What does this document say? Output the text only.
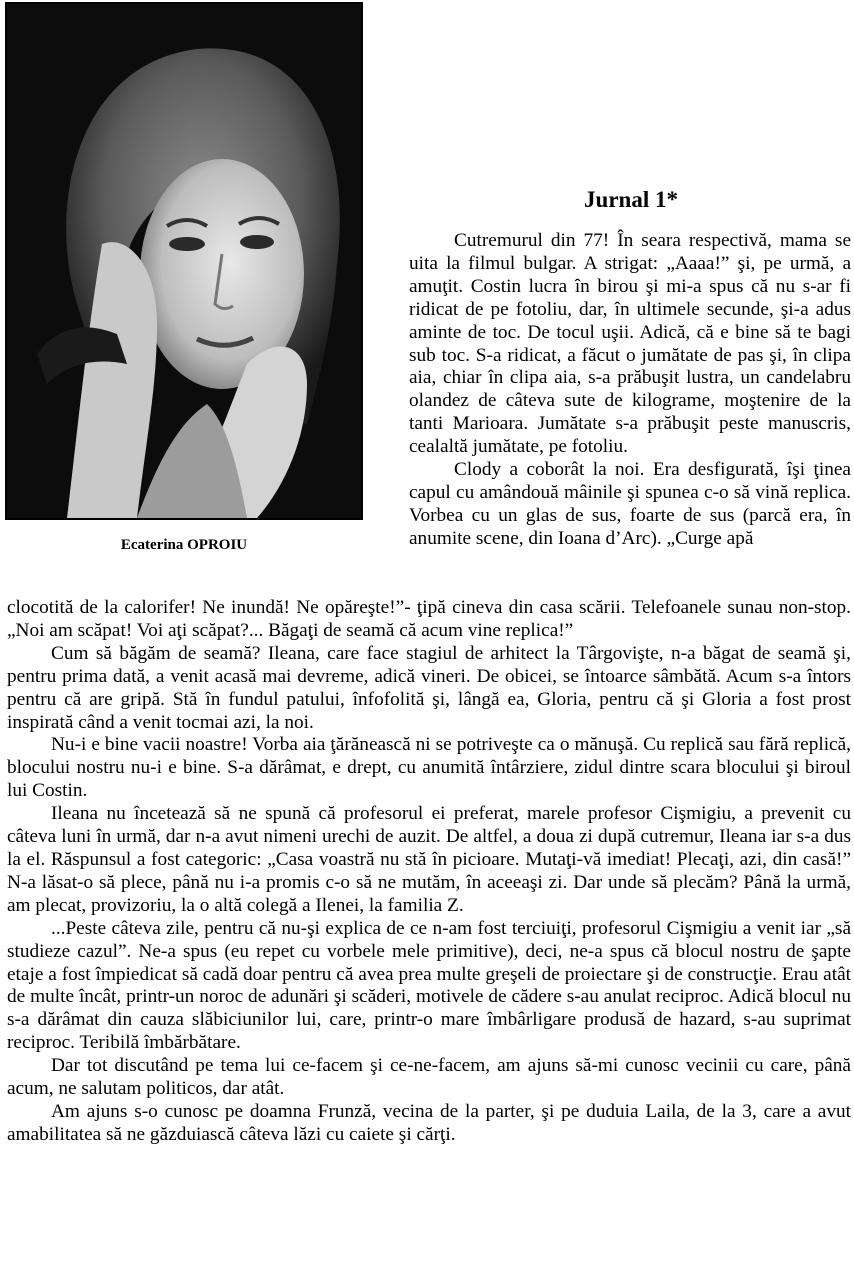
Ecaterina OPROIU
Jurnal 1*

Cutremurul din 77! În seara respectivă, mama se uita la filmul bulgar. A strigat: „Aaaa!” şi, pe urmă, a amuţit. Costin lucra în birou şi mi-a spus că nu s-ar fi ridicat de pe fotoliu, dar, în ultimele secunde, şi-a adus aminte de toc. De tocul uşii. Adică, că e bine să te bagi sub toc. S-a ridicat, a făcut o jumătate de pas şi, în clipa aia, chiar în clipa aia, s-a prăbuşit lustra, un candelabru olandez de câteva sute de kilograme, moştenire de la tanti Marioara. Jumătate s-a prăbuşit peste manuscris, cealaltă jumătate, pe fotoliu.

Clody a coborât la noi. Era desfigurată, îşi ţinea capul cu amândouă mâinile şi spunea c-o să vină replica. Vorbea cu un glas de sus, foarte de sus (parcă era, în anumite scene, din Ioana d’Arc). „Curge apă

clocotită de la calorifer! Ne inundă! Ne opăreşte!”- ţipă cineva din casa scării. Telefoanele sunau non-stop. „Noi am scăpat! Voi aţi scăpat?... Băgaţi de seamă că acum vine replica!”

Cum să băgăm de seamă? Ileana, care face stagiul de arhitect la Târgovişte, n-a băgat de seamă şi, pentru prima dată, a venit acasă mai devreme, adică vineri. De obicei, se întoarce sâmbătă. Acum s-a întors pentru că are gripă. Stă în fundul patului, înfofolită şi, lângă ea, Gloria, pentru că şi Gloria a fost prost inspirată când a venit tocmai azi, la noi.

Nu-i e bine vacii noastre! Vorba aia ţărănească ni se potriveşte ca o mănuşă. Cu replică sau fără replică, blocului nostru nu-i e bine. S-a dărâmat, e drept, cu anumită întârziere, zidul dintre scara blocului şi biroul lui Costin.

Ileana nu încetează să ne spună că profesorul ei preferat, marele profesor Cişmigiu, a prevenit cu câteva luni în urmă, dar n-a avut nimeni urechi de auzit. De altfel, a doua zi după cutremur, Ileana iar s-a dus la el. Răspunsul a fost categoric: „Casa voastră nu stă în picioare. Mutaţi-vă imediat! Plecaţi, azi, din casă!” N-a lăsat-o să plece, până nu i-a promis c-o să ne mutăm, în aceeaşi zi. Dar unde să plecăm? Până la urmă, am plecat, provizoriu, la o altă colegă a Ilenei, la familia Z.

...Peste câteva zile, pentru că nu-şi explica de ce n-am fost terciuiţi, profesorul Cişmigiu a venit iar „să studieze cazul”. Ne-a spus (eu repet cu vorbele mele primitive), deci, ne-a spus că blocul nostru de şapte etaje a fost împiedicat să cadă doar pentru că avea prea multe greşeli de proiectare şi de construcţie. Erau atât de multe încât, printr-un noroc de adunări şi scăderi, motivele de cădere s-au anulat reciproc. Adică blocul nu s-a dărâmat din cauza slăbiciunilor lui, care, printr-o mare îmbârligare produsă de hazard, s-au suprimat reciproc. Teribilă îmbărbătare.

Dar tot discutând pe tema lui ce-facem şi ce-ne-facem, am ajuns să-mi cunosc vecinii cu care, până acum, ne salutam politicos, dar atât.

Am ajuns s-o cunosc pe doamna Frunză, vecina de la parter, şi pe duduia Laila, de la 3, care a avut amabilitatea să ne găzduiască câteva lăzi cu caiete şi cărţi.
